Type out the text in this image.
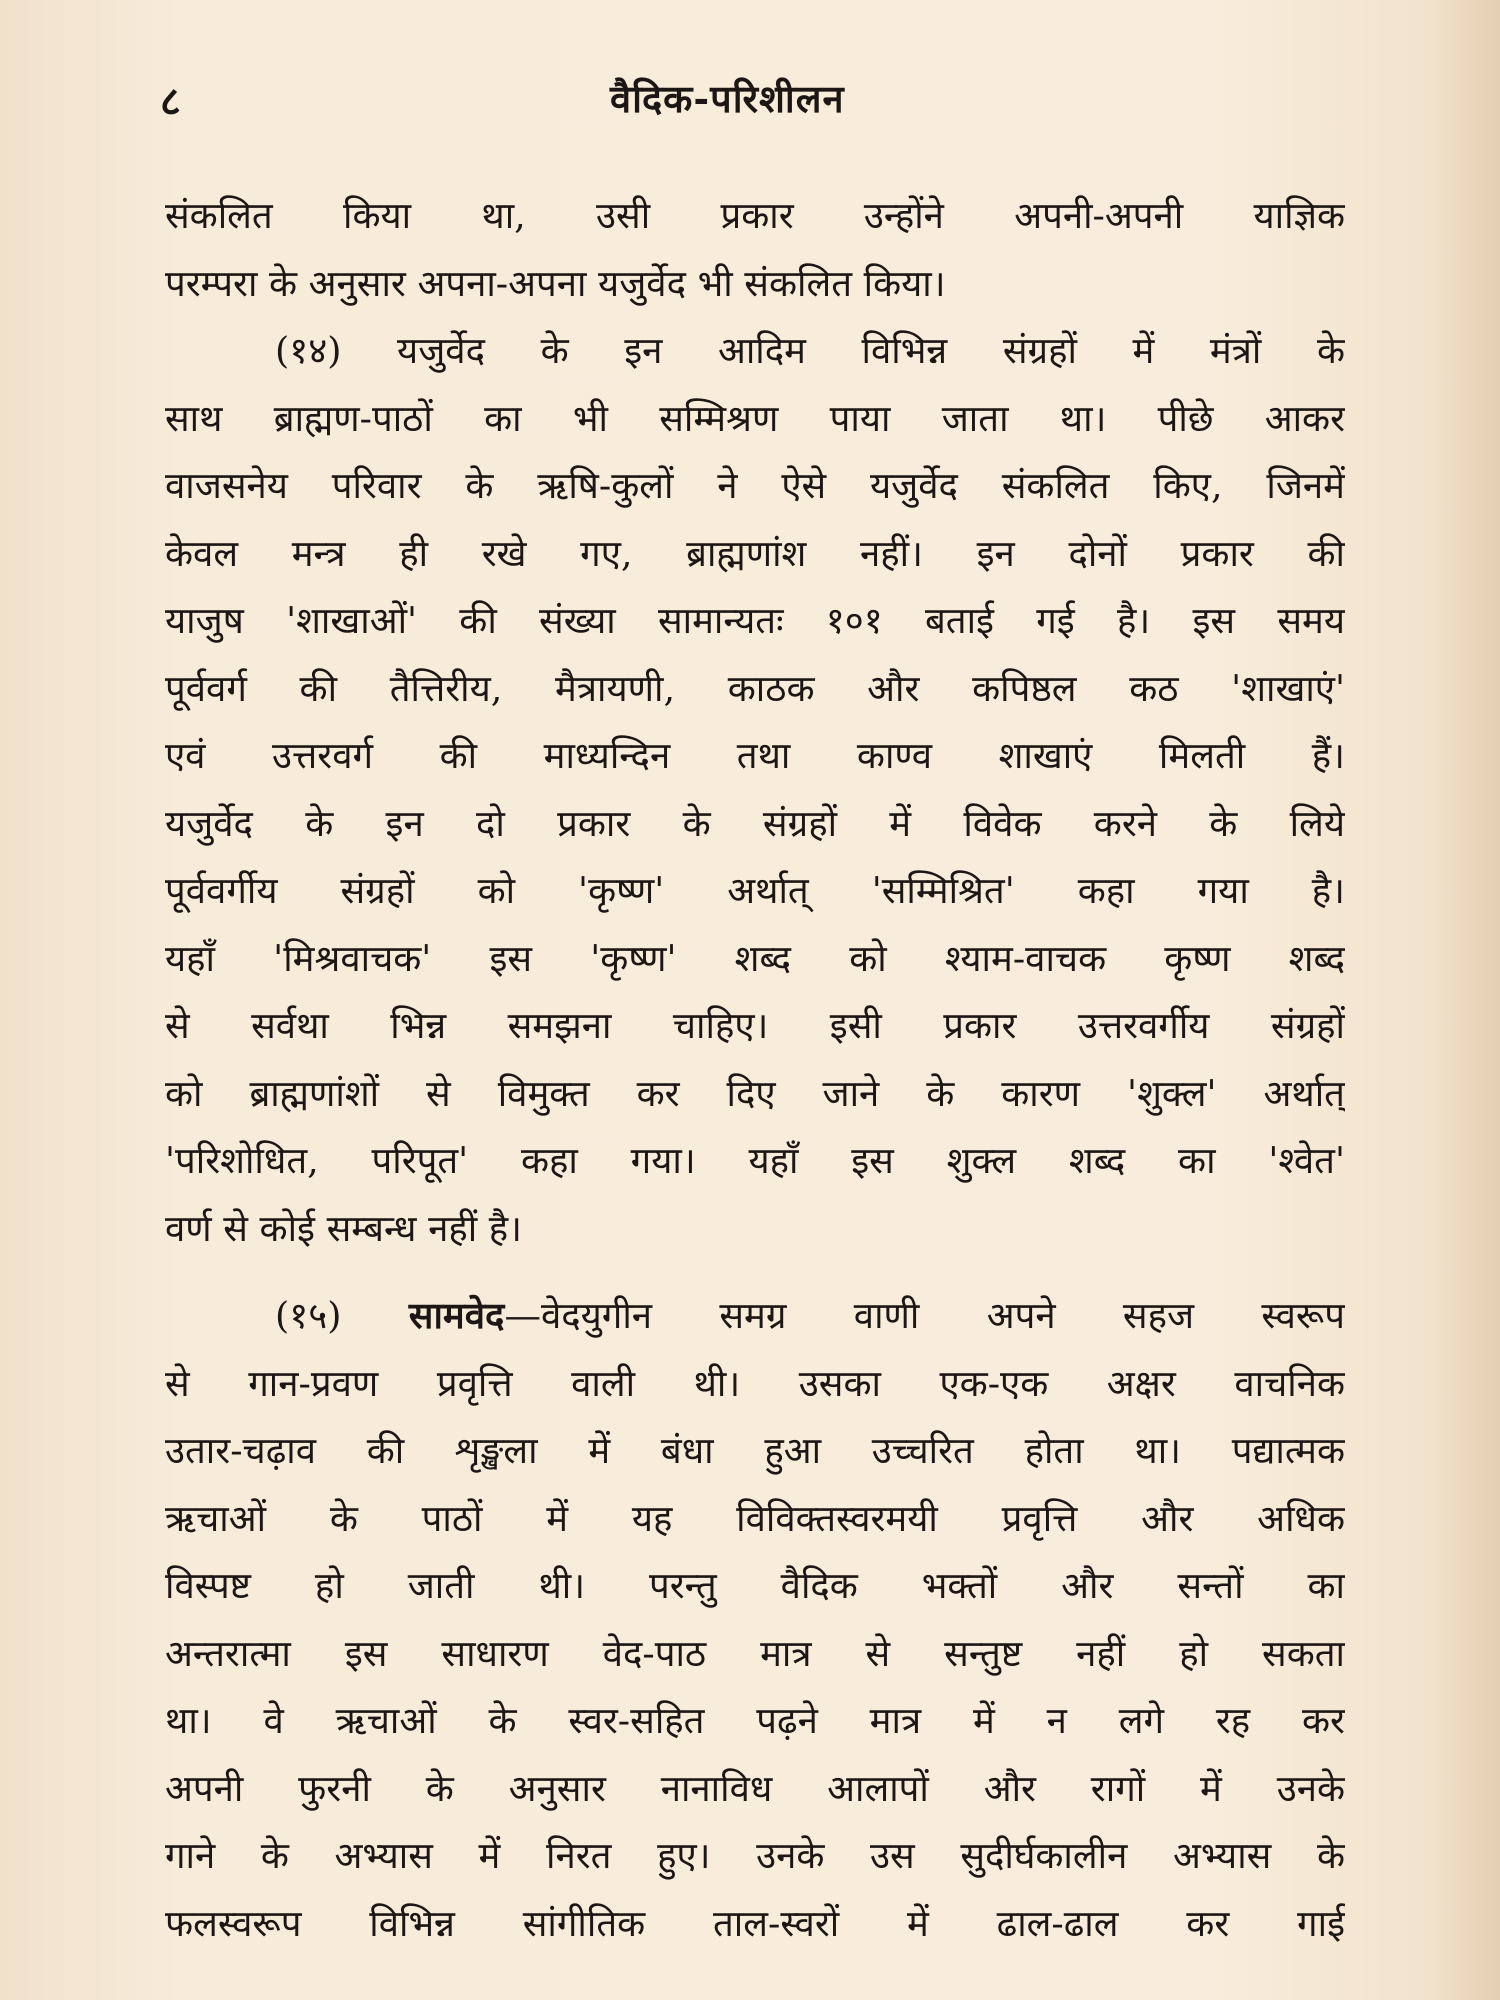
८	वैदिक-परिशीलन
संकलित किया था, उसी प्रकार उन्होंने अपनी-अपनी याज्ञिक
परम्परा के अनुसार अपना-अपना यजुर्वेद भी संकलित किया।
(१४) यजुर्वेद के इन आदिम विभिन्न संग्रहों में मंत्रों के
साथ ब्राह्मण-पाठों का भी सम्मिश्रण पाया जाता था। पीछे आकर
वाजसनेय परिवार के ऋषि-कुलों ने ऐसे यजुर्वेद संकलित किए, जिनमें
केवल मन्त्र ही रखे गए, ब्राह्मणांश नहीं। इन दोनों प्रकार की
याजुष 'शाखाओं' की संख्या सामान्यतः १०१ बताई गई है। इस समय
पूर्ववर्ग की तैत्तिरीय, मैत्रायणी, काठक और कपिष्ठल कठ 'शाखाएं'
एवं उत्तरवर्ग की माध्यन्दिन तथा काण्व शाखाएं मिलती हैं।
यजुर्वेद के इन दो प्रकार के संग्रहों में विवेक करने के लिये
पूर्ववर्गीय संग्रहों को 'कृष्ण' अर्थात् 'सम्मिश्रित' कहा गया है।
यहाँ 'मिश्रवाचक' इस 'कृष्ण' शब्द को श्याम-वाचक कृष्ण शब्द
से सर्वथा भिन्न समझना चाहिए। इसी प्रकार उत्तरवर्गीय संग्रहों
को ब्राह्मणांशों से विमुक्त कर दिए जाने के कारण 'शुक्ल' अर्थात्
'परिशोधित, परिपूत' कहा गया। यहाँ इस शुक्ल शब्द का 'श्वेत'
वर्ण से कोई सम्बन्ध नहीं है।
(१५) सामवेद—वेदयुगीन समग्र वाणी अपने सहज स्वरूप
से गान-प्रवण प्रवृत्ति वाली थी। उसका एक-एक अक्षर वाचनिक
उतार-चढ़ाव की शृङ्खला में बंधा हुआ उच्चरित होता था। पद्यात्मक
ऋचाओं के पाठों में यह विविक्तस्वरमयी प्रवृत्ति और अधिक
विस्पष्ट हो जाती थी। परन्तु वैदिक भक्तों और सन्तों का
अन्तरात्मा इस साधारण वेद-पाठ मात्र से सन्तुष्ट नहीं हो सकता
था। वे ऋचाओं के स्वर-सहित पढ़ने मात्र में न लगे रह कर
अपनी फुरनी के अनुसार नानाविध आलापों और रागों में उनके
गाने के अभ्यास में निरत हुए। उनके उस सुदीर्घकालीन अभ्यास के
फलस्वरूप विभिन्न सांगीतिक ताल-स्वरों में ढाल-ढाल कर गाई
